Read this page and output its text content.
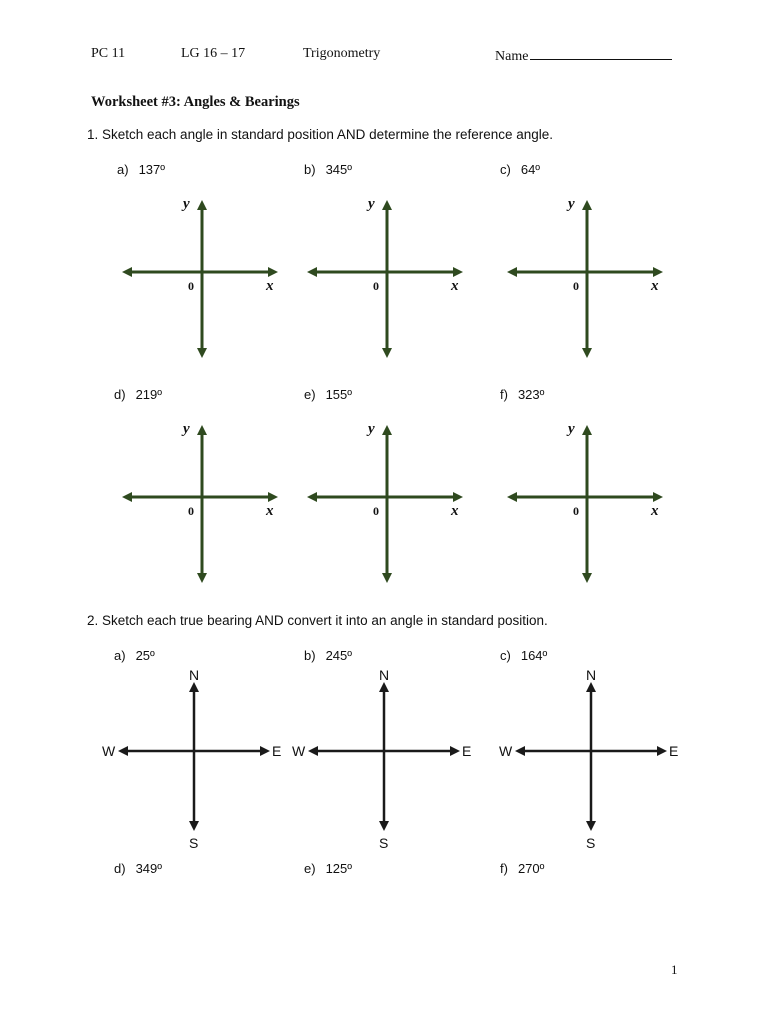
PC 11	LG 16 – 17	Trigonometry	Name
Worksheet #3: Angles & Bearings
1. Sketch each angle in standard position AND determine the reference angle.
a) 137º	b) 345º	c) 64º
d) 219º	e) 155º	f) 323º
y
x
0
y
x
0
y
x
0
y
x
0
y
x
0
y
x
0
2. Sketch each true bearing AND convert it into an angle in standard position.
a) 25º	b) 245º	c) 164º
N
S
W	E
N
S
W	E
N
S
W	E
d) 349º	e) 125º	f) 270º
1
